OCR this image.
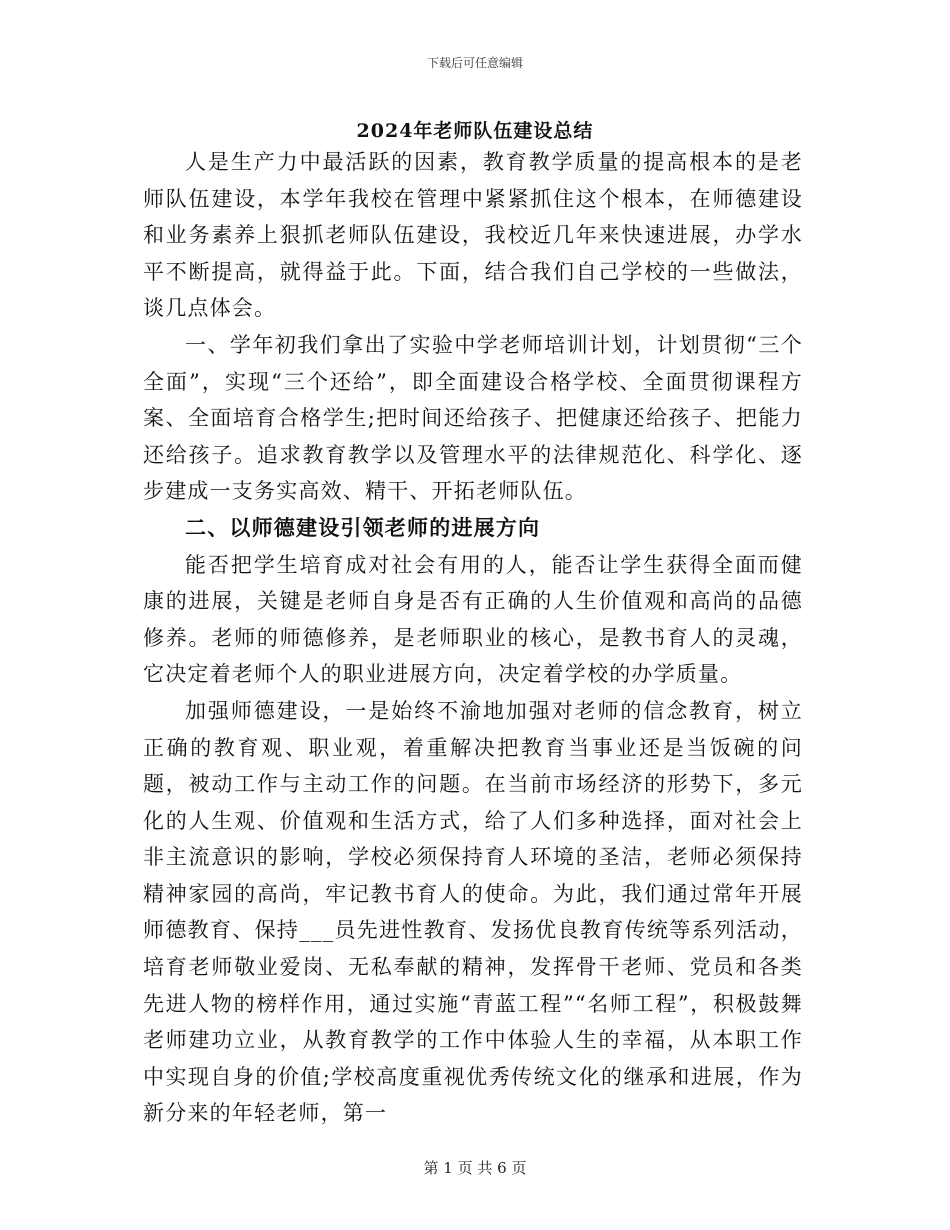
下载后可任意编辑
2024年老师队伍建设总结

人是生产力中最活跃的因素，教育教学质量的提高根本的是老师队伍建设，本学年我校在管理中紧紧抓住这个根本，在师德建设和业务素养上狠抓老师队伍建设，我校近几年来快速进展，办学水平不断提高，就得益于此。下面，结合我们自己学校的一些做法，谈几点体会。

一、学年初我们拿出了实验中学老师培训计划，计划贯彻“三个全面”，实现“三个还给”，即全面建设合格学校、全面贯彻课程方案、全面培育合格学生;把时间还给孩子、把健康还给孩子、把能力还给孩子。追求教育教学以及管理水平的法律规范化、科学化、逐步建成一支务实高效、精干、开拓老师队伍。

二、以师德建设引领老师的进展方向

能否把学生培育成对社会有用的人，能否让学生获得全面而健康的进展，关键是老师自身是否有正确的人生价值观和高尚的品德修养。老师的师德修养，是老师职业的核心，是教书育人的灵魂，它决定着老师个人的职业进展方向，决定着学校的办学质量。

加强师德建设，一是始终不渝地加强对老师的信念教育，树立正确的教育观、职业观，着重解决把教育当事业还是当饭碗的问题，被动工作与主动工作的问题。在当前市场经济的形势下，多元化的人生观、价值观和生活方式，给了人们多种选择，面对社会上非主流意识的影响，学校必须保持育人环境的圣洁，老师必须保持精神家园的高尚，牢记教书育人的使命。为此，我们通过常年开展师德教育、保持___员先进性教育、发扬优良教育传统等系列活动，培育老师敬业爱岗、无私奉献的精神，发挥骨干老师、党员和各类先进人物的榜样作用，通过实施“青蓝工程”“名师工程”，积极鼓舞老师建功立业，从教育教学的工作中体验人生的幸福，从本职工作中实现自身的价值;学校高度重视优秀传统文化的继承和进展，作为新分来的年轻老师，第一

第 1 页 共 6 页
